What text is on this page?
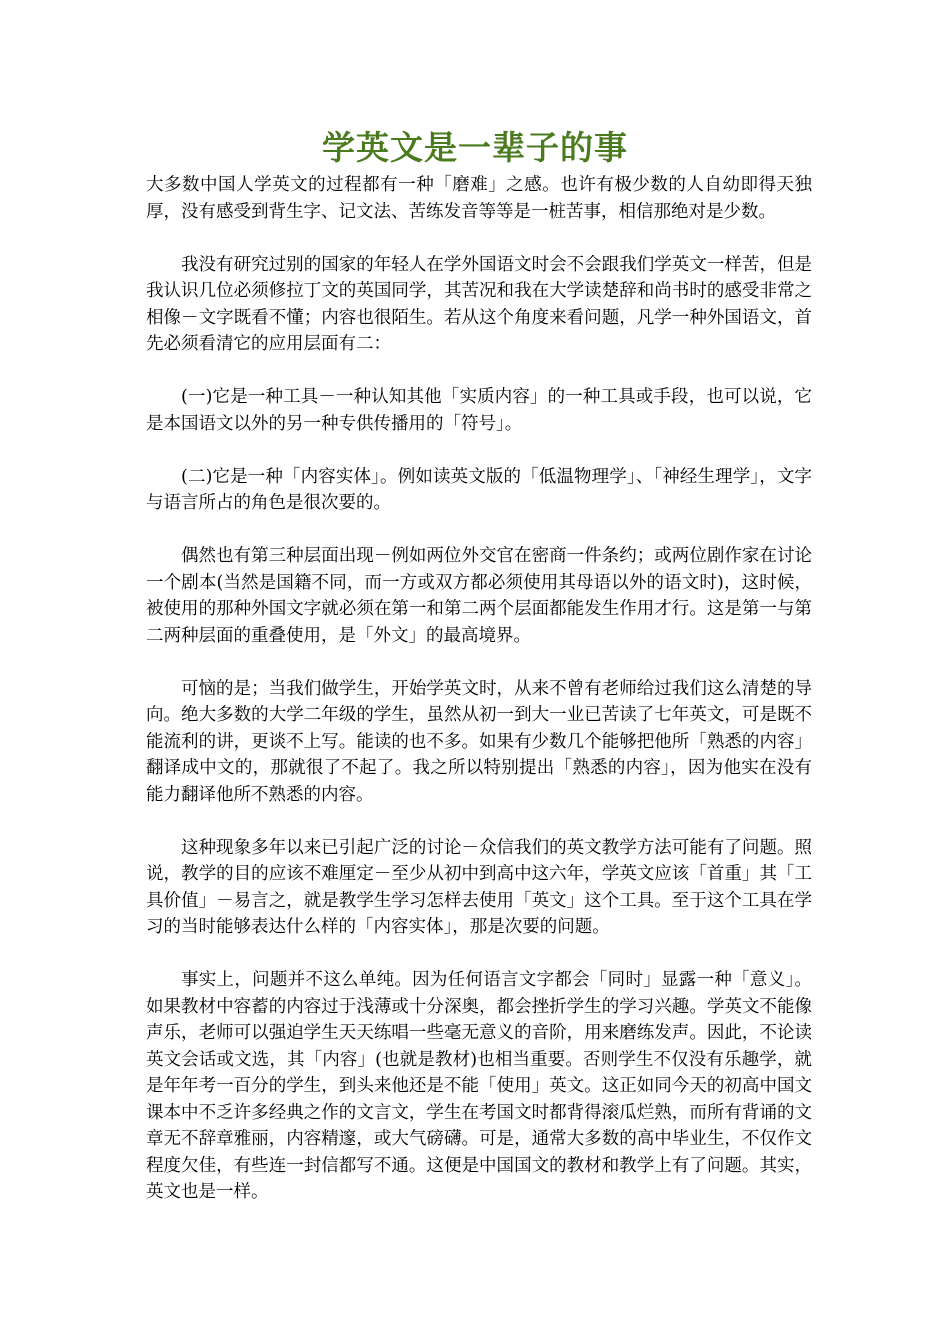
学英文是一辈子的事

大多数中国人学英文的过程都有一种「磨难」之感。也许有极少数的人自幼即得天独厚，没有感受到背生字、记文法、苦练发音等等是一桩苦事，相信那绝对是少数。

我没有研究过别的国家的年轻人在学外国语文时会不会跟我们学英文一样苦，但是我认识几位必须修拉丁文的英国同学，其苦况和我在大学读楚辞和尚书时的感受非常之相像－文字既看不懂；内容也很陌生。若从这个角度来看问题，凡学一种外国语文，首先必须看清它的应用层面有二：

(一)它是一种工具－一种认知其他「实质内容」的一种工具或手段，也可以说，它是本国语文以外的另一种专供传播用的「符号」。

(二)它是一种「内容实体」。例如读英文版的「低温物理学」、「神经生理学」，文字与语言所占的角色是很次要的。

偶然也有第三种层面出现－例如两位外交官在密商一件条约；或两位剧作家在讨论一个剧本(当然是国籍不同，而一方或双方都必须使用其母语以外的语文时)，这时候，被使用的那种外国文字就必须在第一和第二两个层面都能发生作用才行。这是第一与第二两种层面的重叠使用，是「外文」的最高境界。

可恼的是；当我们做学生，开始学英文时，从来不曾有老师给过我们这么清楚的导向。绝大多数的大学二年级的学生，虽然从初一到大一业已苦读了七年英文，可是既不能流利的讲，更谈不上写。能读的也不多。如果有少数几个能够把他所「熟悉的内容」翻译成中文的，那就很了不起了。我之所以特别提出「熟悉的内容」，因为他实在没有能力翻译他所不熟悉的内容。

这种现象多年以来已引起广泛的讨论－众信我们的英文教学方法可能有了问题。照说，教学的目的应该不难厘定－至少从初中到高中这六年，学英文应该「首重」其「工具价值」－易言之，就是教学生学习怎样去使用「英文」这个工具。至于这个工具在学习的当时能够表达什么样的「内容实体」，那是次要的问题。

事实上，问题并不这么单纯。因为任何语言文字都会「同时」显露一种「意义」。如果教材中容蓄的内容过于浅薄或十分深奥，都会挫折学生的学习兴趣。学英文不能像声乐，老师可以强迫学生天天练唱一些毫无意义的音阶，用来磨练发声。因此，不论读英文会话或文选，其「内容」(也就是教材)也相当重要。否则学生不仅没有乐趣学，就是年年考一百分的学生，到头来他还是不能「使用」英文。这正如同今天的初高中国文课本中不乏许多经典之作的文言文，学生在考国文时都背得滚瓜烂熟，而所有背诵的文章无不辞章雅丽，内容精邃，或大气磅礴。可是，通常大多数的高中毕业生，不仅作文程度欠佳，有些连一封信都写不通。这便是中国国文的教材和教学上有了问题。其实，英文也是一样。
